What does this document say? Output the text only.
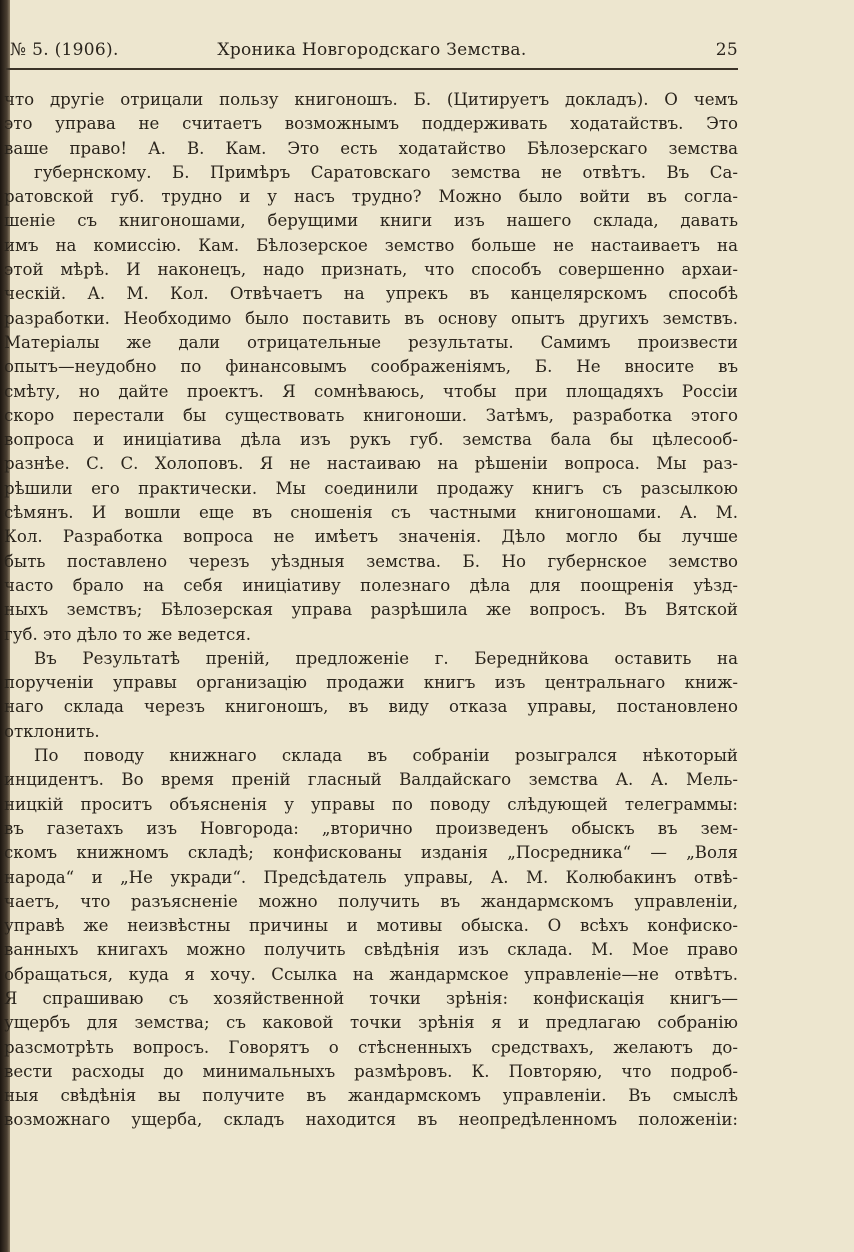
№ 5. (1906).	Хроника Новгородскаго Земства.	25
что другіе отрицали пользу книгоношъ. Б. (Цитируетъ докладъ). О чемъ
это управа не считаетъ возможнымъ поддерживать ходатайствъ. Это
ваше право! А. В. Кам. Это есть ходатайство Бѣлозерскаго земства
губернскому. Б. Примѣръ Саратовскаго земства не отвѣтъ. Въ Са-
ратовской губ. трудно и у насъ трудно? Можно было войти въ согла-
шеніе съ книгоношами, берущими книги изъ нашего склада, давать
имъ на комиссію. Кам. Бѣлозерское земство больше не настаиваетъ на
этой мѣрѣ. И наконецъ, надо признать, что способъ совершенно архаи-
ческій. А. М. Кол. Отвѣчаетъ на упрекъ въ канцелярскомъ способѣ
разработки. Необходимо было поставить въ основу опытъ другихъ земствъ.
Матеріалы же дали отрицательные результаты. Самимъ произвести
опытъ—неудобно по финансовымъ соображеніямъ, Б. Не вносите въ
смѣту, но дайте проектъ. Я сомнѣваюсь, чтобы при площадяхъ Россіи
скоро перестали бы существовать книгоноши. Затѣмъ, разработка этого
вопроса и иниціатива дѣла изъ рукъ губ. земства бала бы цѣлесооб-
разнѣе. С. С. Холоповъ. Я не настаиваю на рѣшеніи вопроса. Мы раз-
рѣшили его практически. Мы соединили продажу книгъ съ разсылкою
сѣмянъ. И вошли еще въ сношенія съ частными книгоношами. А. М.
Кол. Разработка вопроса не имѣетъ значенія. Дѣло могло бы лучше
быть поставлено черезъ уѣздныя земства. Б. Но губернское земство
часто брало на себя иниціативу полезнаго дѣла для поощренія уѣзд-
ныхъ земствъ; Бѣлозерская управа разрѣшила же вопросъ. Въ Вятской
губ. это дѣло то же ведется.
Въ Результатѣ преній, предложеніе г. Береднйкова оставить на
порученіи управы организацію продажи книгъ изъ центральнаго книж-
наго склада черезъ книгоношъ, въ виду отказа управы, постановлено
отклонить.
По поводу книжнаго склада въ собраніи розыгрался нѣкоторый
инцидентъ. Во время преній гласный Валдайскаго земства А. А. Мель-
ницкій проситъ объясненія у управы по поводу слѣдующей телеграммы:
въ газетахъ изъ Новгорода: „вторично произведенъ обыскъ въ зем-
скомъ книжномъ складѣ; конфискованы изданія „Посредника“ — „Воля
народа“ и „Не укради“. Предсѣдатель управы, А. М. Колюбакинъ отвѣ-
чаетъ, что разъясненіе можно получить въ жандармскомъ управленіи,
управѣ же неизвѣстны причины и мотивы обыска. О всѣхъ конфиско-
ванныхъ книгахъ можно получить свѣдѣнія изъ склада. М. Мое право
обращаться, куда я хочу. Ссылка на жандармское управленіе—не отвѣтъ.
Я спрашиваю съ хозяйственной точки зрѣнія: конфискація книгъ—
ущербъ для земства; съ каковой точки зрѣнія я и предлагаю собранію
разсмотрѣть вопросъ. Говорятъ о стѣсненныхъ средствахъ, желаютъ до-
вести расходы до минимальныхъ размѣровъ. К. Повторяю, что подроб-
ныя свѣдѣнія вы получите въ жандармскомъ управленіи. Въ смыслѣ
возможнаго ущерба, складъ находится въ неопредѣленномъ положеніи:
